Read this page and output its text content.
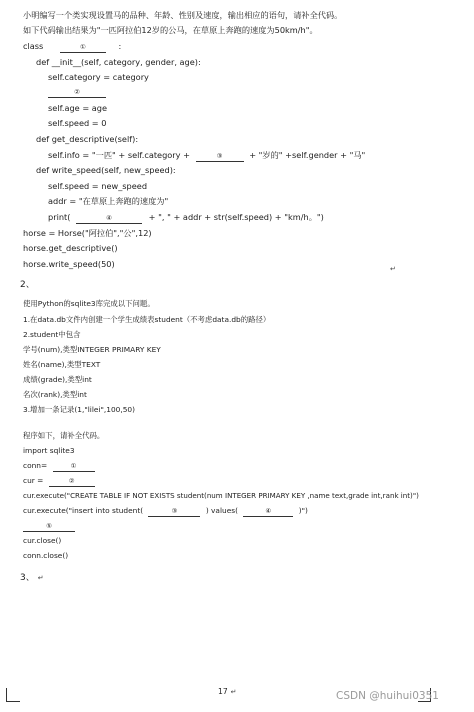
小明编写一个类实现设置马的品种、年龄、性别及速度，输出相应的语句，请补全代码。
如下代码输出结果为"一匹阿拉伯12岁的公马，在草原上奔跑的速度为50km/h"。
class	①	:
def __init__(self, category, gender, age):
self.category = category
②
self.age = age
self.speed = 0
def get_descriptive(self):
self.info = "一匹" + self.category +	③	+ "岁的" +self.gender + "马"
def write_speed(self, new_speed):
self.speed = new_speed
addr = "在草原上奔跑的速度为"
print(	④	+ ", " + addr + str(self.speed) + "km/h。")
horse = Horse("阿拉伯","公",12)
horse.get_descriptive()
horse.write_speed(50)	↵
2、
使用Python的sqlite3库完成以下问题。
1.在data.db文件内创建一个学生成绩表student（不考虑data.db的路径）
2.student中包含
学号(num),类型INTEGER PRIMARY KEY
姓名(name),类型TEXT
成绩(grade),类型int
名次(rank),类型int
3.增加一条记录(1,"lilei",100,50)
程序如下，请补全代码。
import sqlite3
conn=	①
cur =	②
cur.execute("CREATE TABLE IF NOT EXISTS student(num INTEGER PRIMARY KEY ,name text,grade int,rank int)")
cur.execute("insert into student(	③	) values(	④	)")
⑤
cur.close()
conn.close()
3、 ↵
17 ↵	CSDN @huihui0351
